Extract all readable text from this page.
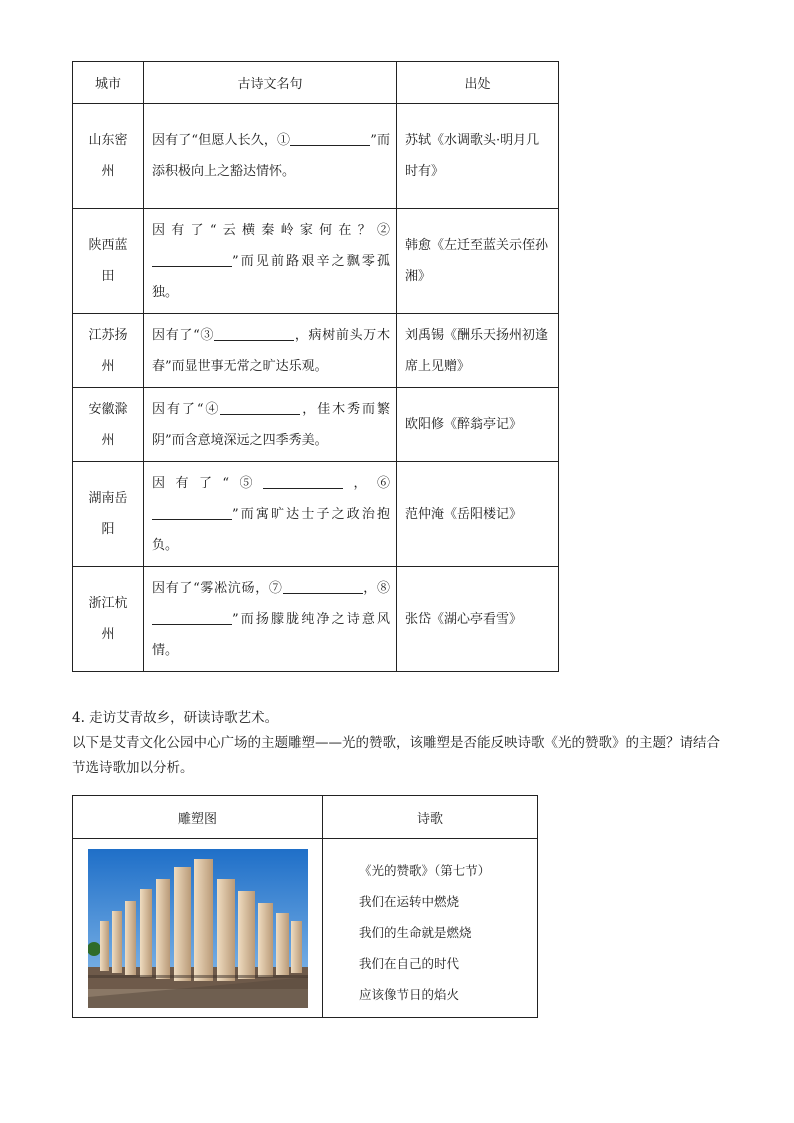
城市	古诗文名句	出处
山东密
州	因有了“但愿人长久，① ”而添积极向上之豁达情怀。	苏轼《水调歌头·明月几时有》
陕西蓝
田	因有了“云横秦岭家何在？②”而见前路艰辛之飘零孤独。	韩愈《左迁至蓝关示侄孙湘》
江苏扬
州	因有了“③ ，病树前头万木春”而显世事无常之旷达乐观。	刘禹锡《酬乐天扬州初逢席上见赠》
安徽滁
州	因有了“④ ，佳木秀而繁阴”而含意境深远之四季秀美。	欧阳修《醉翁亭记》
湖南岳
阳	因有了“⑤ ，⑥”而寓旷达士子之政治抱负。	范仲淹《岳阳楼记》
浙江杭
州	因有了“雾凇沆砀，⑦ ，⑧”而扬朦胧纯净之诗意风情。	张岱《湖心亭看雪》

4. 走访艾青故乡，研读诗歌艺术。

以下是艾青文化公园中心广场的主题雕塑——光的赞歌，该雕塑是否能反映诗歌《光的赞歌》的主题？请结合节选诗歌加以分析。

雕塑图	诗歌

《光的赞歌》（第七节）
我们在运转中燃烧
我们的生命就是燃烧
我们在自己的时代
应该像节日的焰火
